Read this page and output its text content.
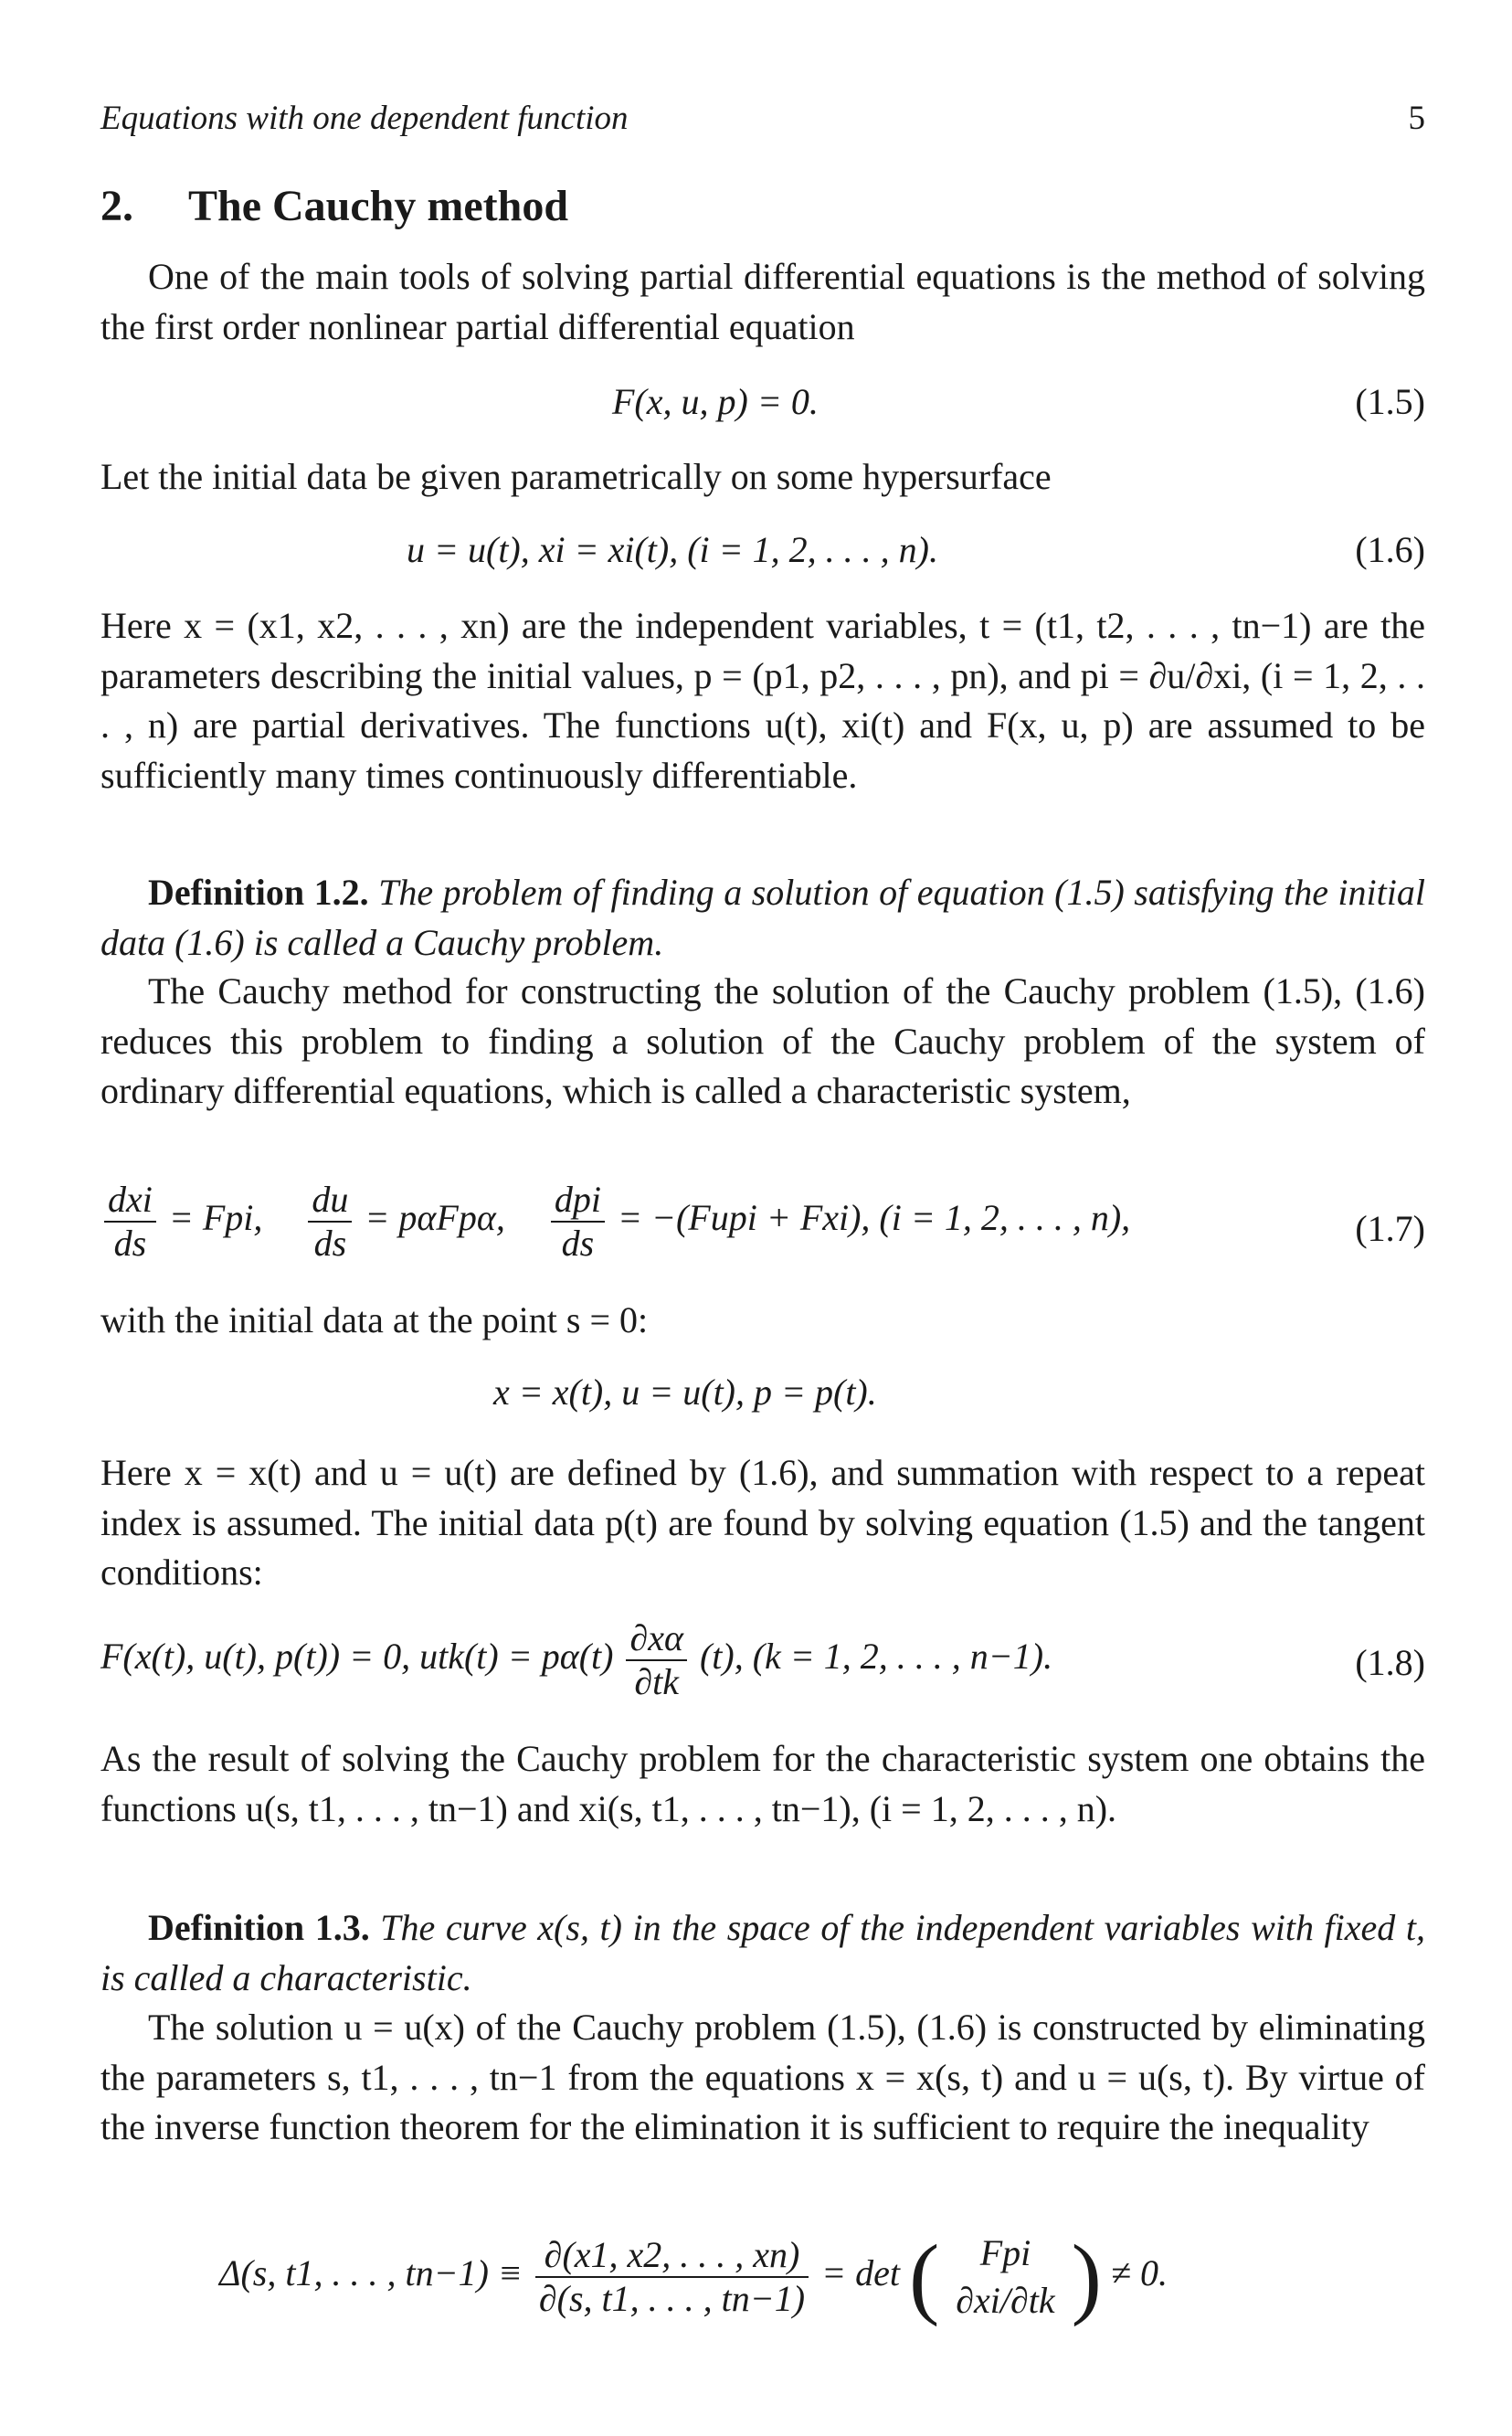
Equations with one dependent function	5
2.	The Cauchy method
One of the main tools of solving partial differential equations is the method of solving the first order nonlinear partial differential equation
F(x, u, p) = 0.	(1.5)
Let the initial data be given parametrically on some hypersurface
u = u(t), xi = xi(t), (i = 1, 2, . . . , n).	(1.6)
Here x = (x1, x2, . . . , xn) are the independent variables, t = (t1, t2, . . . , tn−1) are the parameters describing the initial values, p = (p1, p2, . . . , pn), and pi = ∂u/∂xi, (i = 1, 2, . . . , n) are partial derivatives. The functions u(t), xi(t) and F(x, u, p) are assumed to be sufficiently many times continuously differentiable.
Definition 1.2. The problem of finding a solution of equation (1.5) satisfying the initial data (1.6) is called a Cauchy problem.
The Cauchy method for constructing the solution of the Cauchy problem (1.5), (1.6) reduces this problem to finding a solution of the Cauchy problem of the system of ordinary differential equations, which is called a characteristic system,
$\frac{\text{dxi}}{ds}$ = Fpi, $\frac{du}{ds} = p\alpha Fp\alpha$, $\frac{\text{dpi}}{ds}$ = −(Fupi + Fxi), (i = 1, 2, . . . , n),	(1.7)
with the initial data at the point s = 0:
x = x(t), u = u(t), p = p(t).
Here x = x(t) and u = u(t) are defined by (1.6), and summation with respect to a repeat index is assumed. The initial data p(t) are found by solving equation (1.5) and the tangent conditions:
F(x(t), u(t), p(t)) = 0, $utk(t) = p\alpha(t) \frac{\partial x\alpha}{\partial tk} (t)$, (k = 1, 2, . . . , n−1).	(1.8)
As the result of solving the Cauchy problem for the characteristic system one obtains the functions u(s, t1, . . . , tn−1) and xi(s, t1, . . . , tn−1), (i = 1, 2, . . . , n).
Definition 1.3. The curve x(s, t) in the space of the independent variables with fixed t, is called a characteristic.
The solution u = u(x) of the Cauchy problem (1.5), (1.6) is constructed by eliminating the parameters s, t1, . . . , tn−1 from the equations x = x(s, t) and u = u(s, t). By virtue of the inverse function theorem for the elimination it is sufficient to require the inequality
Δ(s, t1, . . . , $tn-1) \equiv \frac{\partial(x1, x2, . . . , xn)}{\partial(s, t1, . . . , tn-1)} = \det$ (	Fpi
∂xi/∂tk ) ≠ 0.
